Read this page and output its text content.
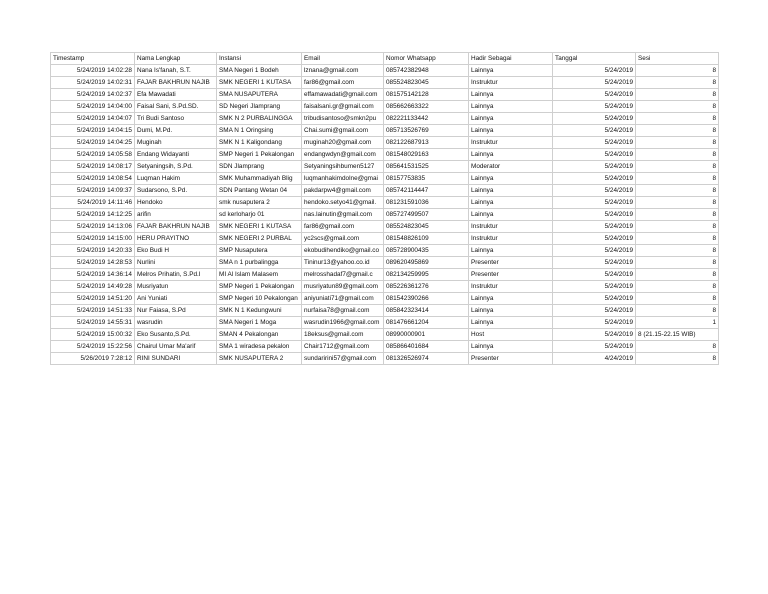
Timestamp	Nama Lengkap	Instansi	Email	Nomor Whatsapp	Hadir Sebagai	Tanggal	Sesi
5/24/2019 14:02:28	Nana Is'fanah, S.T.	SMA Negeri 1 Bodeh	lznana@gmail.com	085742382948	Lainnya	5/24/2019	8
5/24/2019 14:02:31	FAJAR BAKHRUN NAJIB	SMK NEGERI 1 KUTASA	far86@gmail.com	085524823045	Instruktur	5/24/2019	8
5/24/2019 14:02:37	Efa Mawadati	SMA NUSAPUTERA	effamawadati@gmail.com	081575142128	Lainnya	5/24/2019	8
5/24/2019 14:04:00	Faisal Sani, S.Pd.SD.	SD Negeri Jlamprang	faisalsani.gr@gmail.com	085662663322	Lainnya	5/24/2019	8
5/24/2019 14:04:07	Tri Budi Santoso	SMK N 2 PURBALINGGA	tribudisantoso@smkn2pu	082221133442	Lainnya	5/24/2019	8
5/24/2019 14:04:15	Dumi, M.Pd.	SMA N 1 Oringsing	Chai.sumi@gmail.com	085713526769	Lainnya	5/24/2019	8
5/24/2019 14:04:25	Muginah	SMK N 1 Kaligondang	muginah20@gmail.com	082122687913	Instruktur	5/24/2019	8
5/24/2019 14:05:58	Endang Widayanti	SMP Negeri 1 Pekalongan	endangwdyn@gmail.com	081548029163	Lainnya	5/24/2019	8
5/24/2019 14:08:17	Setyaningsih, S.Pd.	SDN Jlamprang	Setyaningsihbumen5127	085641531525	Moderator	5/24/2019	8
5/24/2019 14:08:54	Luqman Hakim	SMK Muhammadiyah Blig	luqmanhakimdolne@gmai	08157753835	Lainnya	5/24/2019	8
5/24/2019 14:09:37	Sudarsono, S.Pd.	SDN Pantang Wetan 04	pakdarpw4@gmail.com	085742114447	Lainnya	5/24/2019	8
5/24/2019 14:11:46	Hendoko	smk nusaputera 2	hendoko.setyo41@gmail.	081231591036	Lainnya	5/24/2019	8
5/24/2019 14:12:25	arifin	sd kerloharjo 01	nas.lainutin@gmail.com	085727499507	Lainnya	5/24/2019	8
5/24/2019 14:13:06	FAJAR BAKHRUN NAJIB	SMK NEGERI 1 KUTASA	far86@gmail.com	085524823045	Instruktur	5/24/2019	8
5/24/2019 14:15:00	HERU PRAYITNO	SMK NEGERI 2 PURBAL	yc2scs@gmail.com	081548826109	Instruktur	5/24/2019	8
5/24/2019 14:20:33	Eko Budi H	SMP Nusaputera	ekobudihendiko@gmail.co	085728900435	Lainnya	5/24/2019	8
5/24/2019 14:28:53	Nurlini	SMA n 1 purbalingga	Tininur13@yahoo.co.id	089620495869	Presenter	5/24/2019	8
5/24/2019 14:36:14	Melros Prihatin, S.Pd.I	MI Al Islam Malasem	melrosshadaf7@gmail.c	082134259995	Presenter	5/24/2019	8
5/24/2019 14:49:28	Musriyatun	SMP Negeri 1 Pekalongan	musriyatun89@gmail.com	085226361276	Instruktur	5/24/2019	8
5/24/2019 14:51:20	Ani Yuniati	SMP Negeri 10 Pekalongan	aniyuniati71@gmail.com	081542390266	Lainnya	5/24/2019	8
5/24/2019 14:51:33	Nur Faiasa, S.Pd	SMK N 1 Kedungwuni	nurfaisa78@gmail.com	085842323414	Lainnya	5/24/2019	8
5/24/2019 14:55:31	wasrudin	SMA Negeri 1 Moga	wasrudin1966@gmail.com	081476661204	Lainnya	5/24/2019	1
5/24/2019 15:00:32	Eko Susanto,S.Pd.	SMAN 4 Pekalongan	18eksus@gmail.com	08990000901	Host	5/24/2019	8 (21.15-22.15 WIB)
5/24/2019 15:22:56	Chairul Umar Ma'arif	SMA 1 wiradesa pekalon	Chair1712@gmail.com	085866401684	Lainnya	5/24/2019	8
5/26/2019 7:28:12	RINI SUNDARI	SMK NUSAPUTERA 2	sundaririni57@gmail.com	081326526974	Presenter	4/24/2019	8
